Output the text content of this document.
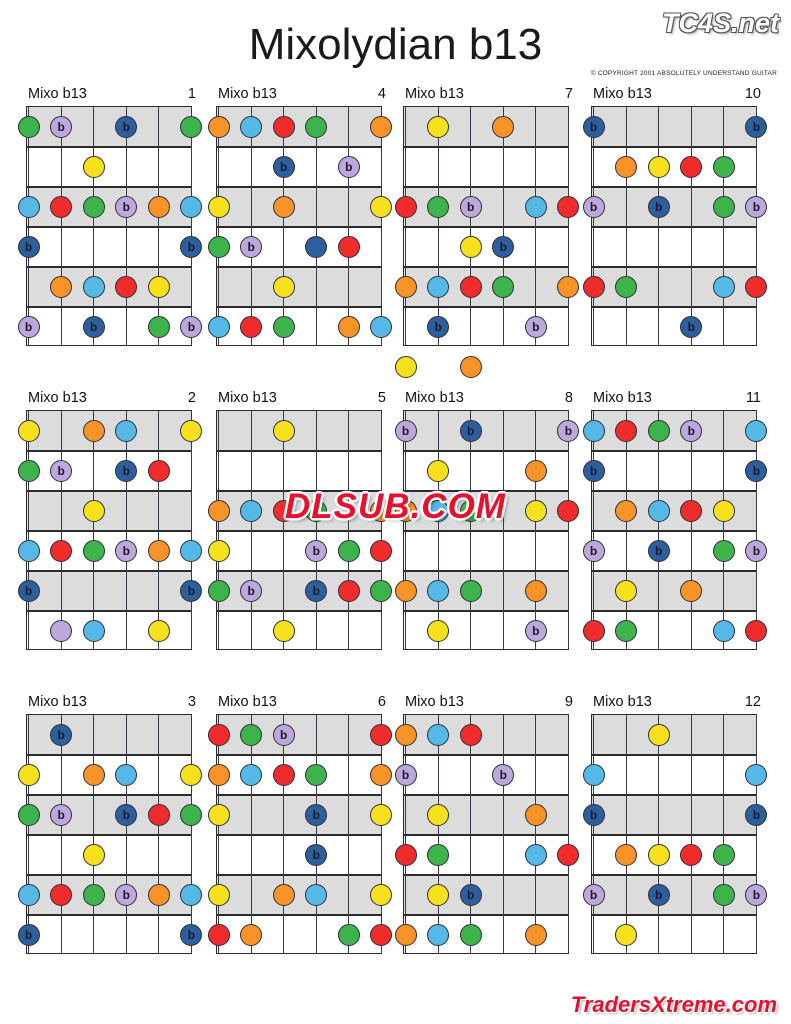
Mixolydian b13	TC4S.net
© COPYRIGHT 2001 ABSOLUTELY UNDERSTAND GUITAR
Mixo b13	1
b	b
b
b	b
b	b	b
Mixo b13	4
b	b
b
Mixo b13	7
b
b
b	b
Mixo b13	10
b	b
b	b	b
b
Mixo b13	2
b	b
b
b	b
Mixo b13	5
b
b	b
Mixo b13	8
b	b	b
b
Mixo b13	11
b
b	b
b	b	b
Mixo b13	3
b
b	b
b
b	b
Mixo b13	6
b
b
b
Mixo b13	9
b	b
b
Mixo b13	12
b	b
b	b	b
DLSUB.COM
TradersXtreme.com
